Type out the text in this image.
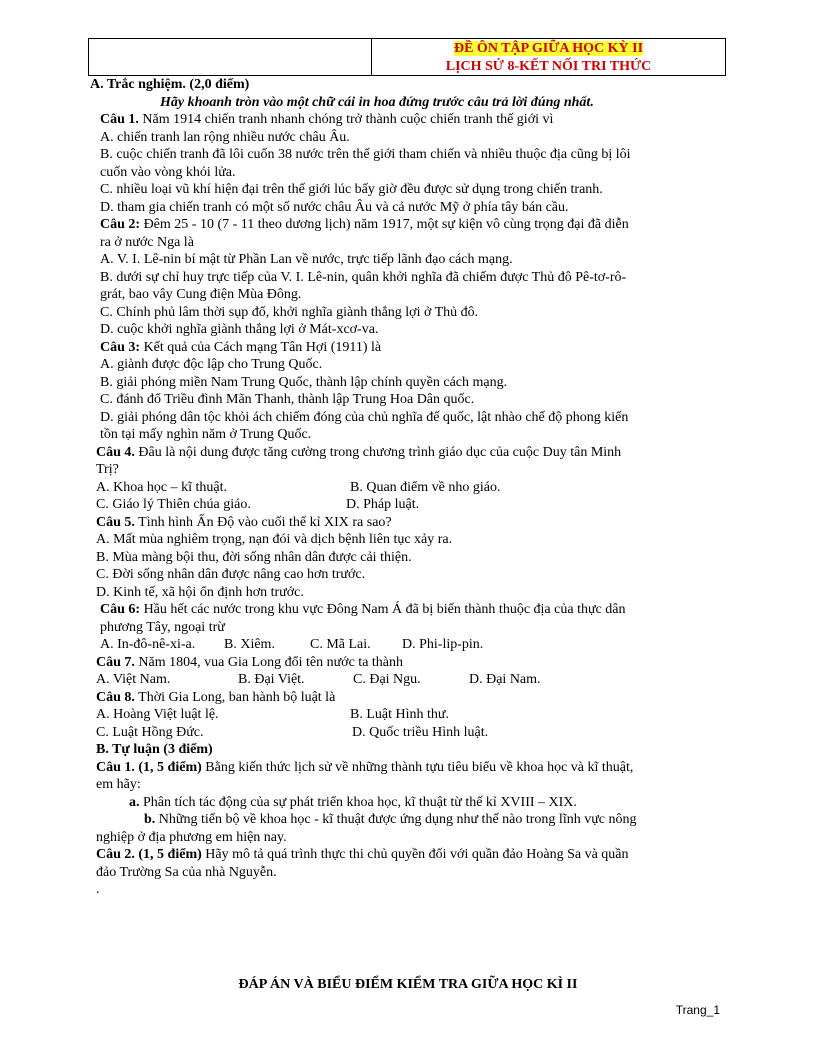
ĐỀ ÔN TẬP GIỮA HỌC KỲ II
LỊCH SỬ 8-KẾT NỐI TRI THỨC
A. Trắc nghiệm. (2,0 điểm)
Hãy khoanh tròn vào một chữ cái in hoa đứng trước câu trả lời đúng nhất.
Câu 1. Năm 1914 chiến tranh nhanh chóng trở thành cuộc chiến tranh thế giới vì
A. chiến tranh lan rộng nhiều nước châu Âu.
B. cuộc chiến tranh đã lôi cuốn 38 nước trên thế giới tham chiến và nhiều thuộc địa cũng bị lôi
cuốn vào vòng khói lửa.
C. nhiều loại vũ khí hiện đại trên thế giới lúc bấy giờ đều được sử dụng trong chiến tranh.
D. tham gia chiến tranh có một số nước châu Âu và cả nước Mỹ ở phía tây bán cầu.
Câu 2: Đêm 25 - 10 (7 - 11 theo dương lịch) năm 1917, một sự kiện vô cùng trọng đại đã diễn
ra ở nước Nga là
A. V. I. Lê-nin bí mật từ Phần Lan về nước, trực tiếp lãnh đạo cách mạng.
B. dưới sự chỉ huy trực tiếp của V. I. Lê-nin, quân khởi nghĩa đã chiếm được Thủ đô Pê-tơ-rô-
grát, bao vây Cung điện Mùa Đông.
C. Chính phủ lâm thời sụp đổ, khởi nghĩa giành thắng lợi ở Thủ đô.
D. cuộc khởi nghĩa giành thắng lợi ở Mát-xcơ-va.
Câu 3: Kết quả của Cách mạng Tân Hợi (1911) là
A. giành được độc lập cho Trung Quốc.
B. giải phóng miền Nam Trung Quốc, thành lập chính quyền cách mạng.
C. đánh đổ Triều đình Mãn Thanh, thành lập Trung Hoa Dân quốc.
D. giải phóng dân tộc khỏi ách chiếm đóng của chủ nghĩa đế quốc, lật nhào chế độ phong kiến
tồn tại mấy nghìn năm ở Trung Quốc.
Câu 4. Đâu là nội dung được tăng cường trong chương trình giáo dục của cuộc Duy tân Minh
Trị?
A. Khoa học – kĩ thuật.	B. Quan điểm về nho giáo.
C. Giáo lý Thiên chúa giáo.	D. Pháp luật.
Câu 5. Tình hình Ấn Độ vào cuối thế kỉ XIX ra sao?
A. Mất mùa nghiêm trọng, nạn đói và dịch bệnh liên tục xảy ra.
B. Mùa màng bội thu, đời sống nhân dân được cải thiện.
C. Đời sống nhân dân được nâng cao hơn trước.
D. Kinh tế, xã hội ổn định hơn trước.
Câu 6: Hầu hết các nước trong khu vực Đông Nam Á đã bị biến thành thuộc địa của thực dân
phương Tây, ngoại trừ
A. In-đô-nê-xi-a. B. Xiêm.	C. Mã Lai. D. Phi-lip-pin.
Câu 7. Năm 1804, vua Gia Long đổi tên nước ta thành
A. Việt Nam.	B. Đại Việt.	C. Đại Ngu.	D. Đại Nam.
Câu 8. Thời Gia Long, ban hành bộ luật là
A. Hoàng Việt luật lệ.	B. Luật Hình thư.
C. Luật Hồng Đức.	D. Quốc triều Hình luật.
B. Tự luận (3 điểm)
Câu 1. (1, 5 điểm) Bằng kiến thức lịch sử về những thành tựu tiêu biểu về khoa học và kĩ thuật,
em hãy:
a. Phân tích tác động của sự phát triển khoa học, kĩ thuật từ thế kỉ XVIII – XIX.
b. Những tiến bộ về khoa học - kĩ thuật được ứng dụng như thế nào trong lĩnh vực nông
nghiệp ở địa phương em hiện nay.
Câu 2. (1, 5 điểm) Hãy mô tả quá trình thực thi chủ quyền đối với quần đảo Hoàng Sa và quần
đảo Trường Sa của nhà Nguyễn.
.
ĐÁP ÁN VÀ BIỂU ĐIỂM KIỂM TRA GIỮA HỌC KÌ II
Trang_1
